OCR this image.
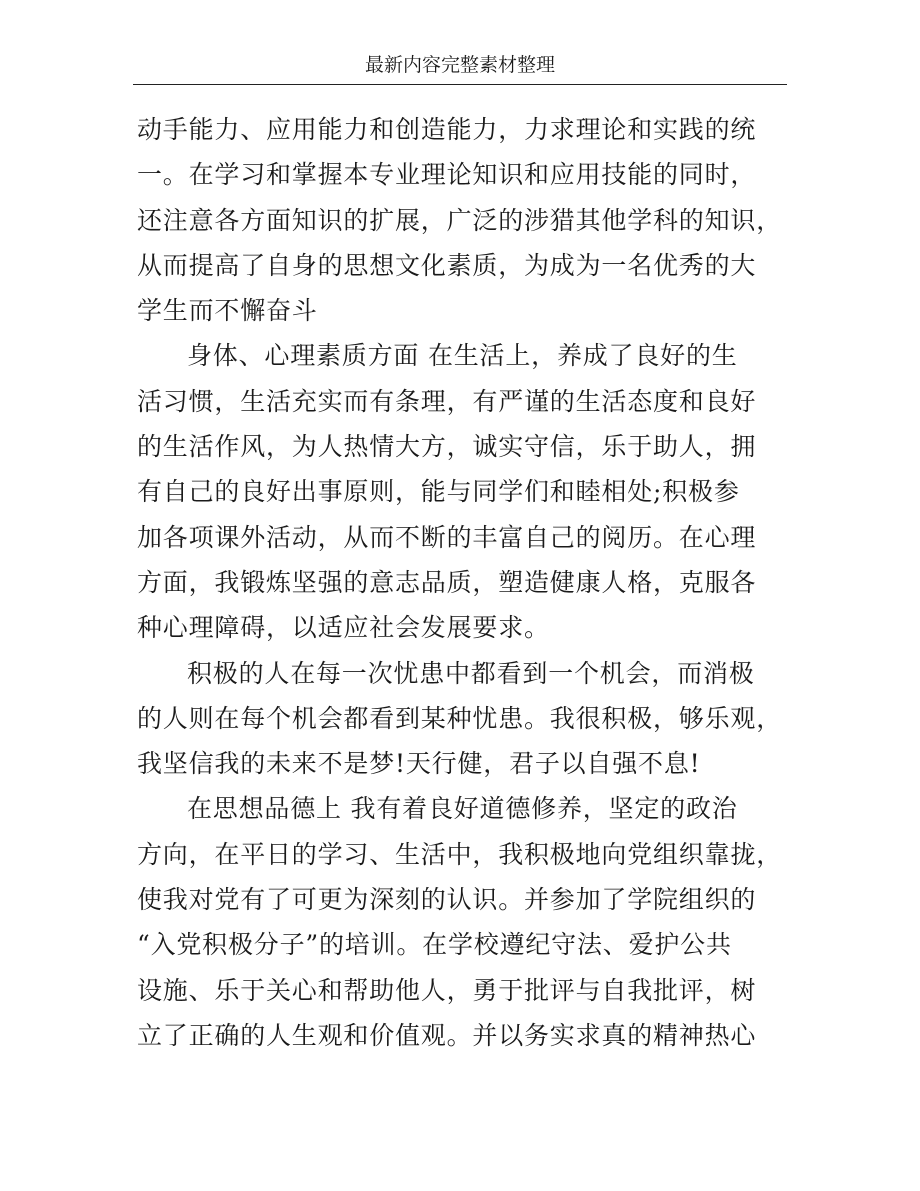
最新内容完整素材整理
动手能力、应用能力和创造能力，力求理论和实践的统
一。在学习和掌握本专业理论知识和应用技能的同时，
还注意各方面知识的扩展，广泛的涉猎其他学科的知识，
从而提高了自身的思想文化素质，为成为一名优秀的大
学生而不懈奋斗
身体、心理素质方面 在生活上，养成了良好的生
活习惯，生活充实而有条理，有严谨的生活态度和良好
的生活作风，为人热情大方，诚实守信，乐于助人，拥
有自己的良好出事原则，能与同学们和睦相处;积极参
加各项课外活动，从而不断的丰富自己的阅历。在心理
方面，我锻炼坚强的意志品质，塑造健康人格，克服各
种心理障碍，以适应社会发展要求。
积极的人在每一次忧患中都看到一个机会，而消极
的人则在每个机会都看到某种忧患。我很积极，够乐观，
我坚信我的未来不是梦!天行健，君子以自强不息!
在思想品德上 我有着良好道德修养，坚定的政治
方向，在平日的学习、生活中，我积极地向党组织靠拢，
使我对党有了可更为深刻的认识。并参加了学院组织的
“入党积极分子”的培训。在学校遵纪守法、爱护公共
设施、乐于关心和帮助他人，勇于批评与自我批评，树
立了正确的人生观和价值观。并以务实求真的精神热心
